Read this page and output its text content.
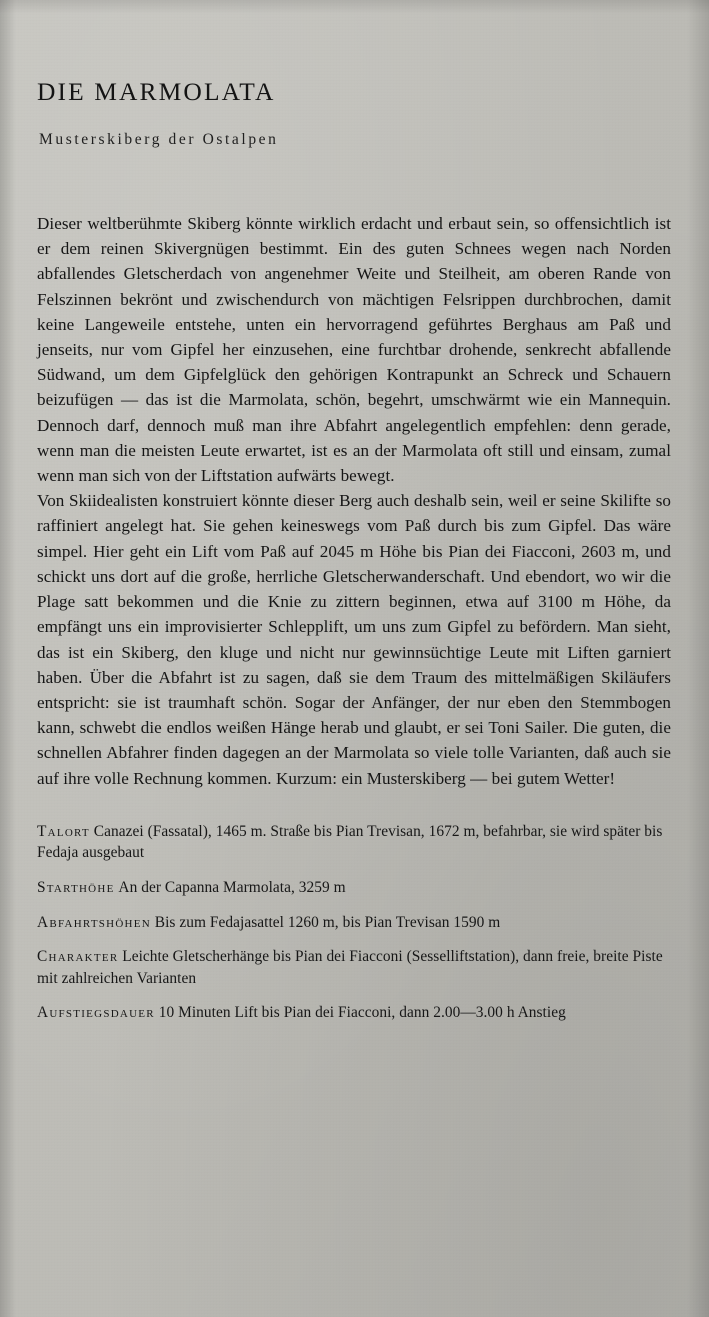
DIE MARMOLATA
Musterskiberg der Ostalpen

Dieser weltberühmte Skiberg könnte wirklich erdacht und erbaut sein, so offensichtlich ist er dem reinen Skivergnügen bestimmt. Ein des guten Schnees wegen nach Norden abfallendes Gletscherdach von angenehmer Weite und Steilheit, am oberen Rande von Felszinnen bekrönt und zwischendurch von mächtigen Felsrippen durchbrochen, damit keine Langeweile entstehe, unten ein hervorragend geführtes Berghaus am Paß und jenseits, nur vom Gipfel her einzusehen, eine furchtbar drohende, senkrecht abfallende Südwand, um dem Gipfelglück den gehörigen Kontrapunkt an Schreck und Schauern beizufügen — das ist die Marmolata, schön, begehrt, umschwärmt wie ein Mannequin. Dennoch darf, dennoch muß man ihre Abfahrt angelegentlich empfehlen: denn gerade, wenn man die meisten Leute erwartet, ist es an der Marmolata oft still und einsam, zumal wenn man sich von der Liftstation aufwärts bewegt.

Von Skiidealisten konstruiert könnte dieser Berg auch deshalb sein, weil er seine Skilifte so raffiniert angelegt hat. Sie gehen keineswegs vom Paß durch bis zum Gipfel. Das wäre simpel. Hier geht ein Lift vom Paß auf 2045 m Höhe bis Pian dei Fiacconi, 2603 m, und schickt uns dort auf die große, herrliche Gletscherwanderschaft. Und ebendort, wo wir die Plage satt bekommen und die Knie zu zittern beginnen, etwa auf 3100 m Höhe, da empfängt uns ein improvisierter Schlepplift, um uns zum Gipfel zu befördern. Man sieht, das ist ein Skiberg, den kluge und nicht nur gewinnsüchtige Leute mit Liften garniert haben. Über die Abfahrt ist zu sagen, daß sie dem Traum des mittelmäßigen Skiläufers entspricht: sie ist traumhaft schön. Sogar der Anfänger, der nur eben den Stemmbogen kann, schwebt die endlos weißen Hänge herab und glaubt, er sei Toni Sailer. Die guten, die schnellen Abfahrer finden dagegen an der Marmolata so viele tolle Varianten, daß auch sie auf ihre volle Rechnung kommen. Kurzum: ein Musterskiberg — bei gutem Wetter!

Talort Canazei (Fassatal), 1465 m. Straße bis Pian Trevisan, 1672 m, befahrbar, sie wird später bis Fedaja ausgebaut
Starthöhe An der Capanna Marmolata, 3259 m
Abfahrtshöhen Bis zum Fedajasattel 1260 m, bis Pian Trevisan 1590 m
Charakter Leichte Gletscherhänge bis Pian dei Fiacconi (Sesselliftstation), dann freie, breite Piste mit zahlreichen Varianten
Aufstiegsdauer 10 Minuten Lift bis Pian dei Fiacconi, dann 2.00—3.00 h Anstieg
